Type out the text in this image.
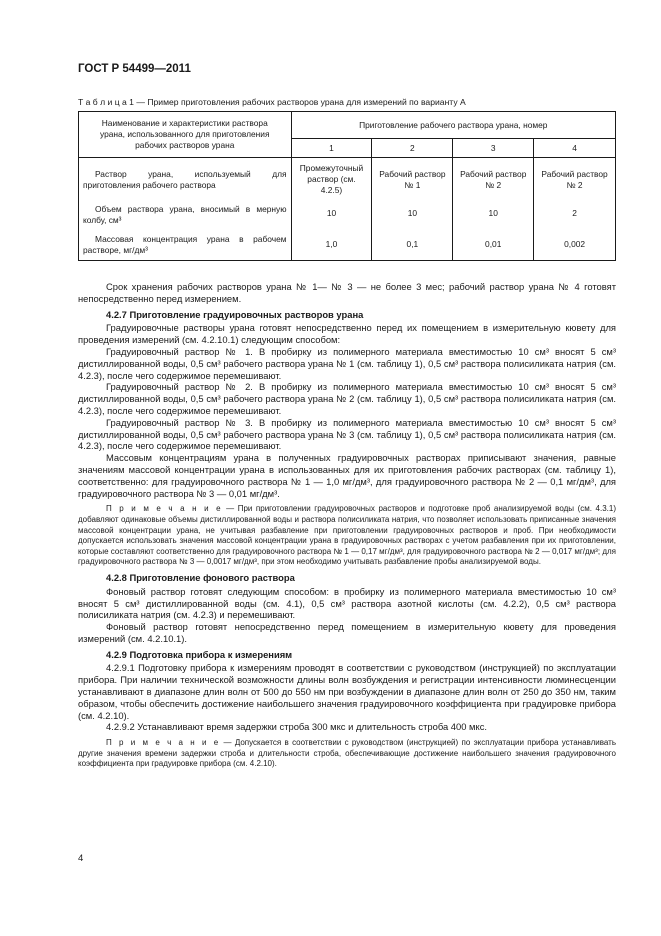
ГОСТ Р 54499—2011
Т а б л и ц а 1 — Пример приготовления рабочих растворов урана для измерений по варианту А
Наименование и характеристики раствора урана, использованного для приготовления рабочих растворов урана	Приготовление рабочего раствора урана, номер			
	1	2	3	4
Раствор урана, используемый для приготовления рабочего раствора	Промежуточный раствор (см. 4.2.5)	Рабочий раствор № 1	Рабочий раствор № 2	Рабочий раствор № 2
Объем раствора урана, вносимый в мерную колбу, см³	10	10	10	2
Массовая концентрация урана в рабочем растворе, мг/дм³	1,0	0,1	0,01	0,002

Срок хранения рабочих растворов урана № 1— № 3 — не более 3 мес; рабочий раствор урана № 4 готовят непосредственно перед измерением.

4.2.7 Приготовление градуировочных растворов урана

Градуировочные растворы урана готовят непосредственно перед их помещением в измерительную кювету для проведения измерений (см. 4.2.10.1) следующим способом:

Градуировочный раствор № 1. В пробирку из полимерного материала вместимостью 10 см³ вносят 5 см³ дистиллированной воды, 0,5 см³ рабочего раствора урана № 1 (см. таблицу 1), 0,5 см³ раствора полисиликата натрия (см. 4.2.3), после чего содержимое перемешивают.

Градуировочный раствор № 2. В пробирку из полимерного материала вместимостью 10 см³ вносят 5 см³ дистиллированной воды, 0,5 см³ рабочего раствора урана № 2 (см. таблицу 1), 0,5 см³ раствора полисиликата натрия (см. 4.2.3), после чего содержимое перемешивают.

Градуировочный раствор № 3. В пробирку из полимерного материала вместимостью 10 см³ вносят 5 см³ дистиллированной воды, 0,5 см³ рабочего раствора урана № 3 (см. таблицу 1), 0,5 см³ раствора полисиликата натрия (см. 4.2.3), после чего содержимое перемешивают.

Массовым концентрациям урана в полученных градуировочных растворах приписывают значения, равные значениям массовой концентрации урана в использованных для их приготовления рабочих растворах (см. таблицу 1), соответственно: для градуировочного раствора № 1 — 1,0 мг/дм³, для градуировочного раствора № 2 — 0,1 мг/дм³, для градуировочного раствора № 3 — 0,01 мг/дм³.

П р и м е ч а н и е — При приготовлении градуировочных растворов и подготовке проб анализируемой воды (см. 4.3.1) добавляют одинаковые объемы дистиллированной воды и раствора полисиликата натрия, что позволяет использовать приписанные значения массовой концентрации урана, не учитывая разбавление при приготовлении градуировочных растворов и проб. При необходимости допускается использовать значения массовой концентрации урана в градуировочных растворах с учетом разбавления при их приготовлении, которые составляют соответственно для градуировочного раствора № 1 — 0,17 мг/дм³, для градуировочного раствора № 2 — 0,017 мг/дм³; для градуировочного раствора № 3 — 0,0017 мг/дм³, при этом необходимо учитывать разбавление пробы анализируемой воды.

4.2.8 Приготовление фонового раствора

Фоновый раствор готовят следующим способом: в пробирку из полимерного материала вместимостью 10 см³ вносят 5 см³ дистиллированной воды (см. 4.1), 0,5 см³ раствора азотной кислоты (см. 4.2.2), 0,5 см³ раствора полисиликата натрия (см. 4.2.3) и перемешивают.

Фоновый раствор готовят непосредственно перед помещением в измерительную кювету для проведения измерений (см. 4.2.10.1).

4.2.9 Подготовка прибора к измерениям

4.2.9.1 Подготовку прибора к измерениям проводят в соответствии с руководством (инструкцией) по эксплуатации прибора. При наличии технической возможности длины волн возбуждения и регистрации интенсивности люминесценции устанавливают в диапазоне длин волн от 500 до 550 нм при возбуждении в диапазоне длин волн от 250 до 350 нм, таким образом, чтобы обеспечить достижение наибольшего значения градуировочного коэффициента при градуировке прибора (см. 4.2.10).

4.2.9.2 Устанавливают время задержки строба 300 мкс и длительность строба 400 мкс.

П р и м е ч а н и е — Допускается в соответствии с руководством (инструкцией) по эксплуатации прибора устанавливать другие значения времени задержки строба и длительности строба, обеспечивающие достижение наибольшего значения градуировочного коэффициента при градуировке прибора (см. 4.2.10).

4
